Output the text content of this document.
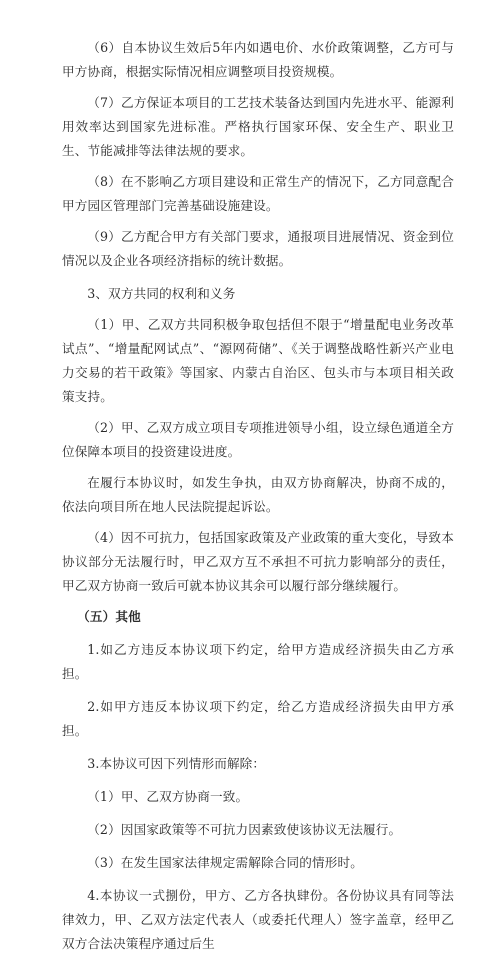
（6）自本协议生效后5年内如遇电价、水价政策调整，乙方可与甲方协商，根据实际情况相应调整项目投资规模。

（7）乙方保证本项目的工艺技术装备达到国内先进水平、能源利用效率达到国家先进标准。严格执行国家环保、安全生产、职业卫生、节能减排等法律法规的要求。

（8）在不影响乙方项目建设和正常生产的情况下，乙方同意配合甲方园区管理部门完善基础设施建设。

（9）乙方配合甲方有关部门要求，通报项目进展情况、资金到位情况以及企业各项经济指标的统计数据。

3、双方共同的权利和义务

（1）甲、乙双方共同积极争取包括但不限于“增量配电业务改革试点”、“增量配网试点”、“源网荷储”、《关于调整战略性新兴产业电力交易的若干政策》等国家、内蒙古自治区、包头市与本项目相关政策支持。

（2）甲、乙双方成立项目专项推进领导小组，设立绿色通道全方位保障本项目的投资建设进度。

在履行本协议时，如发生争执，由双方协商解决，协商不成的，依法向项目所在地人民法院提起诉讼。

（4）因不可抗力，包括国家政策及产业政策的重大变化，导致本协议部分无法履行时，甲乙双方互不承担不可抗力影响部分的责任，甲乙双方协商一致后可就本协议其余可以履行部分继续履行。

（五）其他

1.如乙方违反本协议项下约定，给甲方造成经济损失由乙方承担。

2.如甲方违反本协议项下约定，给乙方造成经济损失由甲方承担。

3.本协议可因下列情形而解除：

（1）甲、乙双方协商一致。

（2）因国家政策等不可抗力因素致使该协议无法履行。

（3）在发生国家法律规定需解除合同的情形时。

4.本协议一式捌份，甲方、乙方各执肆份。各份协议具有同等法律效力，甲、乙双方法定代表人（或委托代理人）签字盖章，经甲乙双方合法决策程序通过后生
